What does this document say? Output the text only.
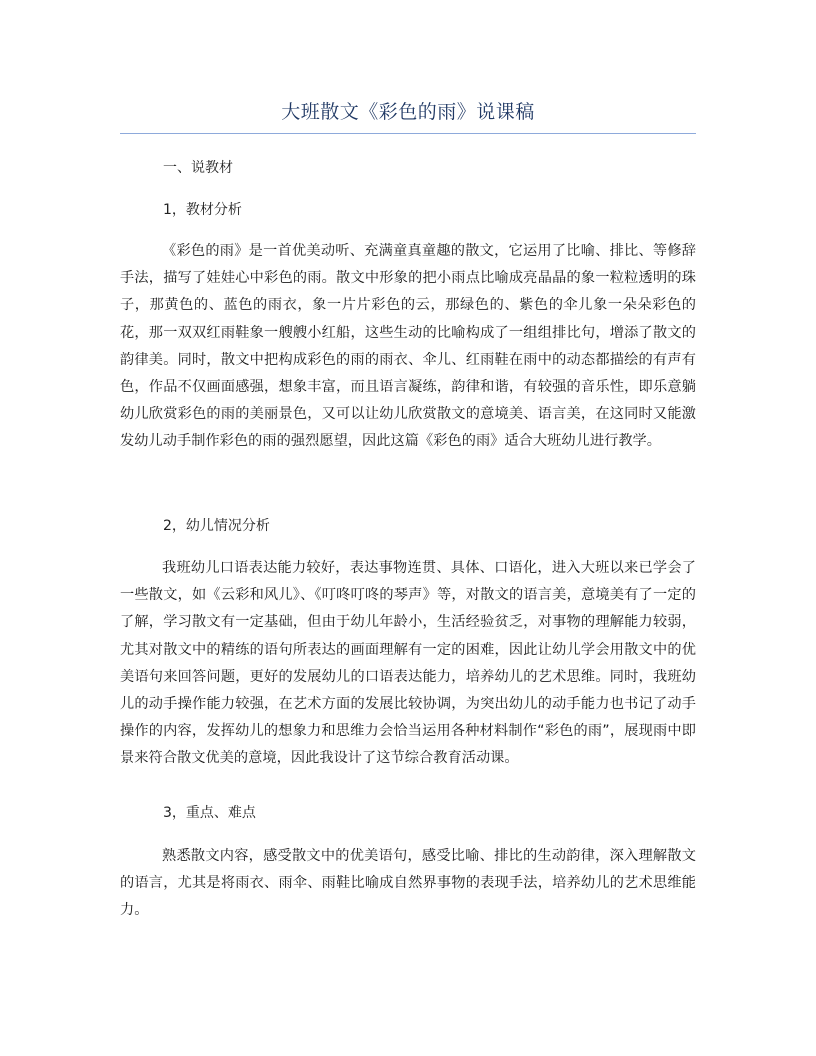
大班散文《彩色的雨》说课稿
一、说教材
1，教材分析
《彩色的雨》是一首优美动听、充满童真童趣的散文，它运用了比喻、排比、等修辞手法，描写了娃娃心中彩色的雨。散文中形象的把小雨点比喻成亮晶晶的象一粒粒透明的珠子，那黄色的、蓝色的雨衣，象一片片彩色的云，那绿色的、紫色的伞儿象一朵朵彩色的花，那一双双红雨鞋象一艘艘小红船，这些生动的比喻构成了一组组排比句，增添了散文的韵律美。同时，散文中把构成彩色的雨的雨衣、伞儿、红雨鞋在雨中的动态都描绘的有声有色，作品不仅画面感强，想象丰富，而且语言凝练，韵律和谐，有较强的音乐性，即乐意躺幼儿欣赏彩色的雨的美丽景色，又可以让幼儿欣赏散文的意境美、语言美，在这同时又能激发幼儿动手制作彩色的雨的强烈愿望，因此这篇《彩色的雨》适合大班幼儿进行教学。
2，幼儿情况分析
我班幼儿口语表达能力较好，表达事物连贯、具体、口语化，进入大班以来已学会了一些散文，如《云彩和风儿》、《叮咚叮咚的琴声》等，对散文的语言美，意境美有了一定的了解，学习散文有一定基础，但由于幼儿年龄小，生活经验贫乏，对事物的理解能力较弱，尤其对散文中的精练的语句所表达的画面理解有一定的困难，因此让幼儿学会用散文中的优美语句来回答问题，更好的发展幼儿的口语表达能力，培养幼儿的艺术思维。同时，我班幼儿的动手操作能力较强，在艺术方面的发展比较协调，为突出幼儿的动手能力也书记了动手操作的内容，发挥幼儿的想象力和思维力会恰当运用各种材料制作“彩色的雨”，展现雨中即景来符合散文优美的意境，因此我设计了这节综合教育活动课。
3，重点、难点
熟悉散文内容，感受散文中的优美语句，感受比喻、排比的生动韵律，深入理解散文的语言，尤其是将雨衣、雨伞、雨鞋比喻成自然界事物的表现手法，培养幼儿的艺术思维能力。
